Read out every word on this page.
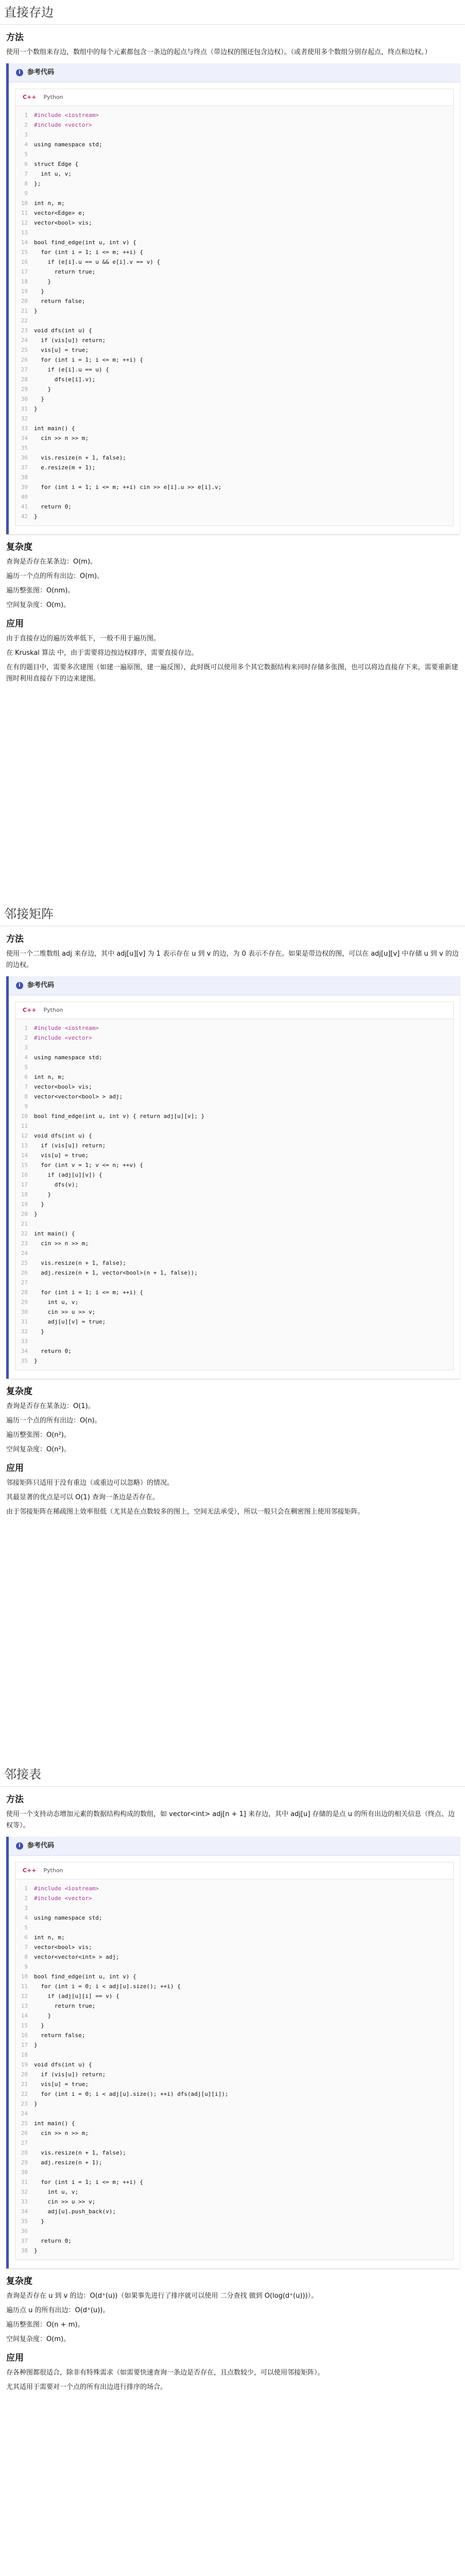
直接存边
方法
使用一个数组来存边，数组中的每个元素都包含一条边的起点与终点（带边权的图还包含边权）。（或者使用多个数组分别存起点，终点和边权。）
i 参考代码
C++ Python
1 #include <iostream>
2 #include <vector>
3
4 using namespace std;
5
6 struct Edge {
7  int u, v;
8 };
9
10 int n, m;
11 vector<Edge> e;
12 vector<bool> vis;
13
14 bool find_edge(int u, int v) {
15  for (int i = 1; i <= m; ++i) {
16    if (e[i].u == u && e[i].v == v) {
17      return true;
18    }
19  }
20  return false;
21 }
22
23 void dfs(int u) {
24  if (vis[u]) return;
25  vis[u] = true;
26  for (int i = 1; i <= m; ++i) {
27    if (e[i].u == u) {
28      dfs(e[i].v);
29    }
30  }
31 }
32
33 int main() {
34  cin >> n >> m;
35
36  vis.resize(n + 1, false);
37  e.resize(m + 1);
38
39  for (int i = 1; i <= m; ++i) cin >> e[i].u >> e[i].v;
40
41  return 0;
42 }
复杂度
查询是否存在某条边：O(m)。
遍历一个点的所有出边：O(m)。
遍历整张图：O(nm)。
空间复杂度：O(m)。
应用
由于直接存边的遍历效率低下，一般不用于遍历图。
在 Kruskal 算法 中，由于需要将边按边权排序，需要直接存边。
在有的题目中，需要多次建图（如建一遍原图，建一遍反图），此时既可以使用多个其它数据结构来同时存储多张图，也可以将边直接存下来，需要重新建图时利用直接存下的边来建图。
邻接矩阵
方法
使用一个二维数组 adj 来存边，其中 adj[u][v] 为 1 表示存在 u 到 v 的边，为 0 表示不存在。如果是带边权的图，可以在 adj[u][v] 中存储 u 到 v 的边的边权。
i 参考代码
C++ Python
1 #include <iostream>
2 #include <vector>
3
4 using namespace std;
5
6 int n, m;
7 vector<bool> vis;
8 vector<vector<bool> > adj;
9
10 bool find_edge(int u, int v) { return adj[u][v]; }
11
12 void dfs(int u) {
13  if (vis[u]) return;
14  vis[u] = true;
15  for (int v = 1; v <= n; ++v) {
16    if (adj[u][v]) {
17      dfs(v);
18    }
19  }
20 }
21
22 int main() {
23  cin >> n >> m;
24
25  vis.resize(n + 1, false);
26  adj.resize(n + 1, vector<bool>(n + 1, false));
27
28  for (int i = 1; i <= m; ++i) {
29    int u, v;
30    cin >> u >> v;
31    adj[u][v] = true;
32  }
33
34  return 0;
35 }
复杂度
查询是否存在某条边：O(1)。
遍历一个点的所有出边：O(n)。
遍历整张图：O(n²)。
空间复杂度：O(n²)。
应用
邻接矩阵只适用于没有重边（或重边可以忽略）的情况。
其最显著的优点是可以 O(1) 查询一条边是否存在。
由于邻接矩阵在稀疏图上效率很低（尤其是在点数较多的图上，空间无法承受），所以一般只会在稠密图上使用邻接矩阵。
邻接表
方法
使用一个支持动态增加元素的数据结构构成的数组，如 vector<int> adj[n + 1] 来存边，其中 adj[u] 存储的是点 u 的所有出边的相关信息（终点、边权等）。
i 参考代码
C++ Python
1 #include <iostream>
2 #include <vector>
3
4 using namespace std;
5
6 int n, m;
7 vector<bool> vis;
8 vector<vector<int> > adj;
9
10 bool find_edge(int u, int v) {
11  for (int i = 0; i < adj[u].size(); ++i) {
12    if (adj[u][i] == v) {
13      return true;
14    }
15  }
16  return false;
17 }
18
19 void dfs(int u) {
20  if (vis[u]) return;
21  vis[u] = true;
22  for (int i = 0; i < adj[u].size(); ++i) dfs(adj[u][i]);
23 }
24
25 int main() {
26  cin >> n >> m;
27
28  vis.resize(n + 1, false);
29  adj.resize(n + 1);
30
31  for (int i = 1; i <= m; ++i) {
32    int u, v;
33    cin >> u >> v;
34    adj[u].push_back(v);
35  }
36
37  return 0;
38 }
复杂度
查询是否存在 u 到 v 的边：O(d⁺(u))（如果事先进行了排序就可以使用 二分查找 做到 O(log(d⁺(u)))）。
遍历点 u 的所有出边：O(d⁺(u))。
遍历整张图：O(n + m)。
空间复杂度：O(m)。
应用
存各种图都很适合，除非有特殊需求（如需要快速查询一条边是否存在，且点数较少，可以使用邻接矩阵）。
尤其适用于需要对一个点的所有出边进行排序的场合。
